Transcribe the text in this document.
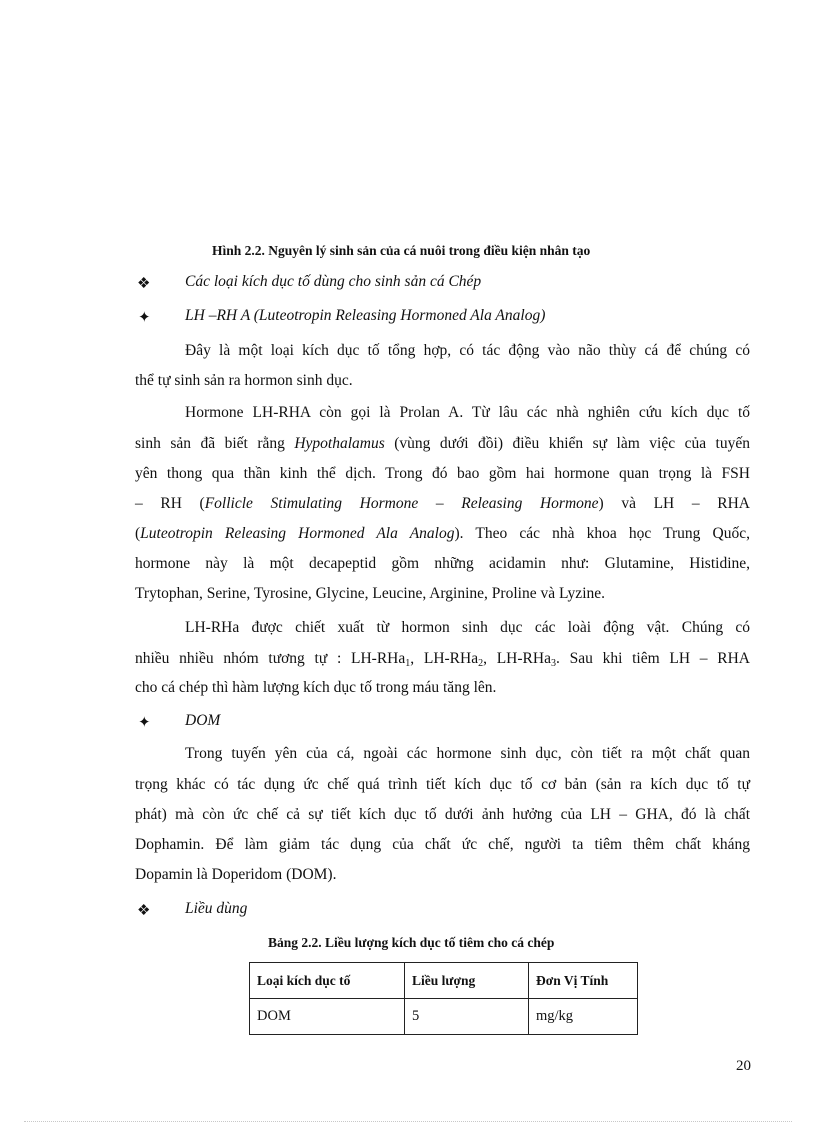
Hình 2.2. Nguyên lý sinh sản của cá nuôi trong điều kiện nhân tạo
❖ Các loại kích dục tố dùng cho sinh sản cá Chép
✦ LH –RH A (Luteotropin Releasing Hormoned Ala Analog)
Đây là một loại kích dục tố tổng hợp, có tác động vào não thùy cá để chúng có
thể tự sinh sản ra hormon sinh dục.
Hormone LH-RHA còn gọi là Prolan A. Từ lâu các nhà nghiên cứu kích dục tố
sinh sản đã biết rằng Hypothalamus (vùng dưới đồi) điều khiển sự làm việc của tuyến
yên thong qua thần kinh thể dịch. Trong đó bao gồm hai hormone quan trọng là FSH
– RH (Follicle Stimulating Hormone – Releasing Hormone) và LH – RHA
(Luteotropin Releasing Hormoned Ala Analog). Theo các nhà khoa học Trung Quốc,
hormone này là một decapeptid gồm những acidamin như: Glutamine, Histidine,
Trytophan, Serine, Tyrosine, Glycine, Leucine, Arginine, Proline và Lyzine.
LH-RHa được chiết xuất từ hormon sinh dục các loài động vật. Chúng có
nhiều nhiều nhóm tương tự : LH-RHa$_1$, LH-RHa$_2$, LH-RHa$_3$. Sau khi tiêm LH – RHA
cho cá chép thì hàm lượng kích dục tố trong máu tăng lên.
✦ DOM
Trong tuyến yên của cá, ngoài các hormone sinh dục, còn tiết ra một chất quan
trọng khác có tác dụng ức chế quá trình tiết kích dục tố cơ bản (sản ra kích dục tố tự
phát) mà còn ức chế cả sự tiết kích dục tố dưới ảnh hưởng của LH – GHA, đó là chất
Dophamin. Để làm giảm tác dụng của chất ức chế, người ta tiêm thêm chất kháng
Dopamin là Doperidom (DOM).
❖ Liều dùng
Bảng 2.2. Liều lượng kích dục tố tiêm cho cá chép
Loại kích dục tố	Liều lượng	Đơn Vị Tính
DOM	5	mg/kg
20
